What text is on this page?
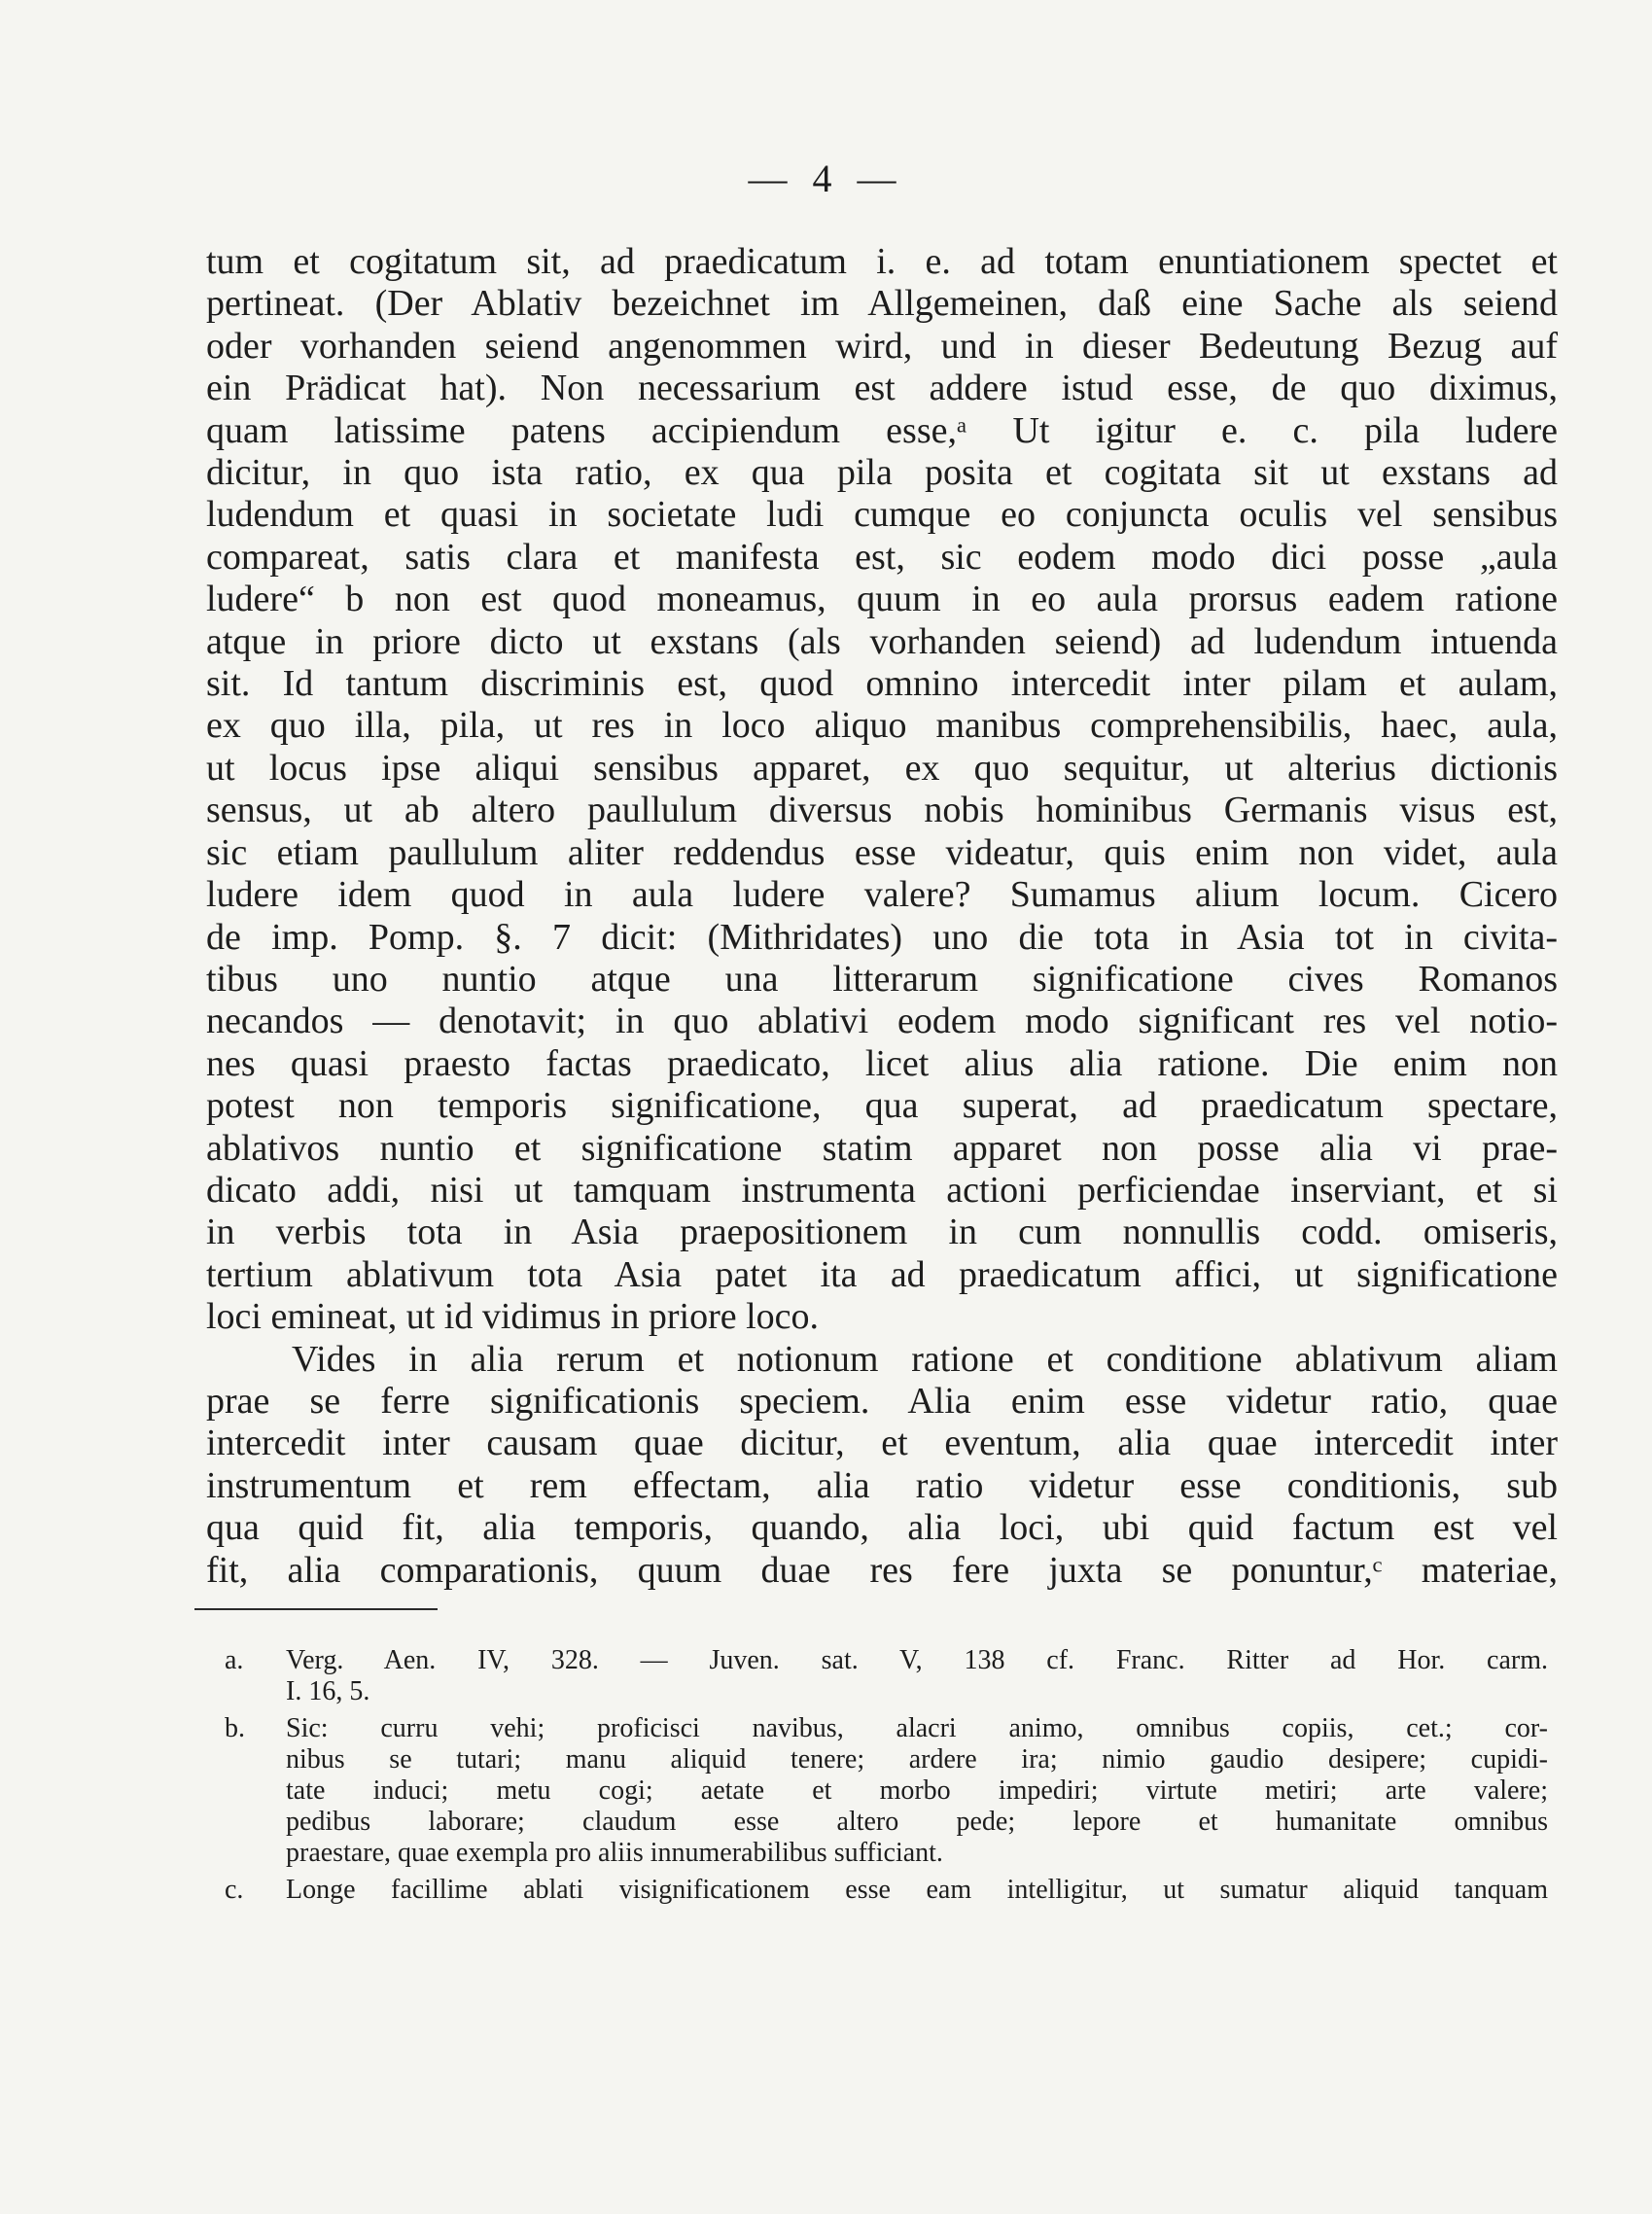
— 4 —
tum et cogitatum sit, ad praedicatum i. e. ad totam enuntiationem spectet et
pertineat. (Der Ablativ bezeichnet im Allgemeinen, daß eine Sache als seiend
oder vorhanden seiend angenommen wird, und in dieser Bedeutung Bezug auf
ein Prädicat hat). Non necessarium est addere istud esse, de quo diximus,
quam latissime patens accipiendum esse,ᵃ Ut igitur e. c. pila ludere
dicitur, in quo ista ratio, ex qua pila posita et cogitata sit ut exstans ad
ludendum et quasi in societate ludi cumque eo conjuncta oculis vel sensibus
compareat, satis clara et manifesta est, sic eodem modo dici posse „aula
ludere“ b non est quod moneamus, quum in eo aula prorsus eadem ratione
atque in priore dicto ut exstans (als vorhanden seiend) ad ludendum intuenda
sit. Id tantum discriminis est, quod omnino intercedit inter pilam et aulam,
ex quo illa, pila, ut res in loco aliquo manibus comprehensibilis, haec, aula,
ut locus ipse aliqui sensibus apparet, ex quo sequitur, ut alterius dictionis
sensus, ut ab altero paullulum diversus nobis hominibus Germanis visus est,
sic etiam paullulum aliter reddendus esse videatur, quis enim non videt, aula
ludere idem quod in aula ludere valere? Sumamus alium locum. Cicero
de imp. Pomp. §. 7 dicit: (Mithridates) uno die tota in Asia tot in civita-
tibus uno nuntio atque una litterarum significatione cives Romanos
necandos — denotavit; in quo ablativi eodem modo significant res vel notio-
nes quasi praesto factas praedicato, licet alius alia ratione. Die enim non
potest non temporis significatione, qua superat, ad praedicatum spectare,
ablativos nuntio et significatione statim apparet non posse alia vi prae-
dicato addi, nisi ut tamquam instrumenta actioni perficiendae inserviant, et si
in verbis tota in Asia praepositionem in cum nonnullis codd. omiseris,
tertium ablativum tota Asia patet ita ad praedicatum affici, ut significatione
loci emineat, ut id vidimus in priore loco.
Vides in alia rerum et notionum ratione et conditione ablativum aliam
prae se ferre significationis speciem. Alia enim esse videtur ratio, quae
intercedit inter causam quae dicitur, et eventum, alia quae intercedit inter
instrumentum et rem effectam, alia ratio videtur esse conditionis, sub
qua quid fit, alia temporis, quando, alia loci, ubi quid factum est vel
fit, alia comparationis, quum duae res fere juxta se ponuntur,ᶜ materiae,
a. Verg. Aen. IV, 328. — Juven. sat. V, 138 cf. Franc. Ritter ad Hor. carm.
I. 16, 5.
b. Sic: curru vehi; proficisci navibus, alacri animo, omnibus copiis, cet.; cor-
nibus se tutari; manu aliquid tenere; ardere ira; nimio gaudio desipere; cupidi-
tate induci; metu cogi; aetate et morbo impediri; virtute metiri; arte valere;
pedibus laborare; claudum esse altero pede; lepore et humanitate omnibus
praestare, quae exempla pro aliis innumerabilibus sufficiant.
c. Longe facillime ablati visignificationem esse eam intelligitur, ut sumatur aliquid tanquam
